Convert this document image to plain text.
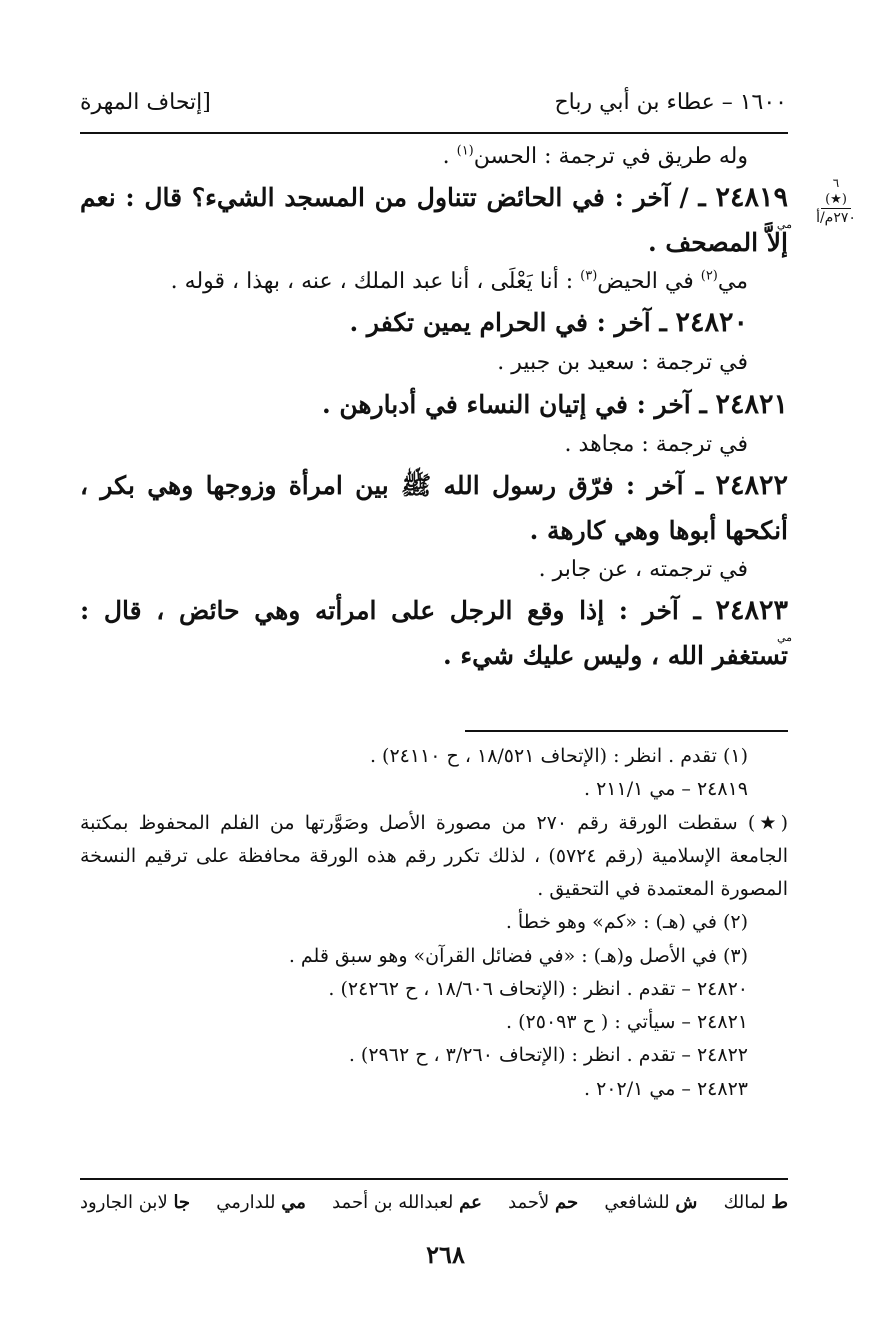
١٦٠٠ – عطاء بن أبي رباح
[إتحاف المهرة
٦
(★)
٢٧٠م/أ

وله طريق في ترجمة : الحسن$^{(١)}$ .

٢٤٨١٩
مي
ـ / آخر : في الحائض تتناول من المسجد الشيء؟ قال : نعم إلاَّ المصحف .

مي$^{(٢)}$ في الحيض$^{(٣)}$ : أنا يَعْلَى ، أنا عبد الملك ، عنه ، بهذا ، قوله .

٢٤٨٢٠ ـ آخر : في الحرام يمين تكفر .

في ترجمة : سعيد بن جبير .

٢٤٨٢١ ـ آخر : في إتيان النساء في أدبارهن .

في ترجمة : مجاهد .

٢٤٨٢٢ ـ آخر : فرّق رسول الله ﷺ بين امرأة وزوجها وهي بكر ، أنكحها أبوها وهي كارهة .

في ترجمته ، عن جابر .

٢٤٨٢٣
مي
ـ آخر : إذا وقع الرجل على امرأته وهي حائض ، قال : تستغفر الله ، وليس عليك شيء .

(١) تقدم . انظر : (الإتحاف ١٨/٥٢١ ، ح ٢٤١١٠) .

٢٤٨١٩ – مي ٢١١/١ .

(★) سقطت الورقة رقم ٢٧٠ من مصورة الأصل وصَوَّرتها من الفلم المحفوظ بمكتبة الجامعة الإسلامية (رقم ٥٧٢٤) ، لذلك تكرر رقم هذه الورقة محافظة على ترقيم النسخة المصورة المعتمدة في التحقيق .

(٢) في (هـ) : «كم» وهو خطأ .

(٣) في الأصل و(هـ) : «في فضائل القرآن» وهو سبق قلم .

٢٤٨٢٠ – تقدم . انظر : (الإتحاف ١٨/٦٠٦ ، ح ٢٤٢٦٢) .

٢٤٨٢١ – سيأتي : ( ح ٢٥٠٩٣) .

٢٤٨٢٢ – تقدم . انظر : (الإتحاف ٣/٢٦٠ ، ح ٢٩٦٢) .

٢٤٨٢٣ – مي ٢٠٢/١ .

ط لمالك
ش للشافعي
حم لأحمد
عم لعبدالله بن أحمد
مي للدارمي
جا لابن الجارود
٢٦٨
